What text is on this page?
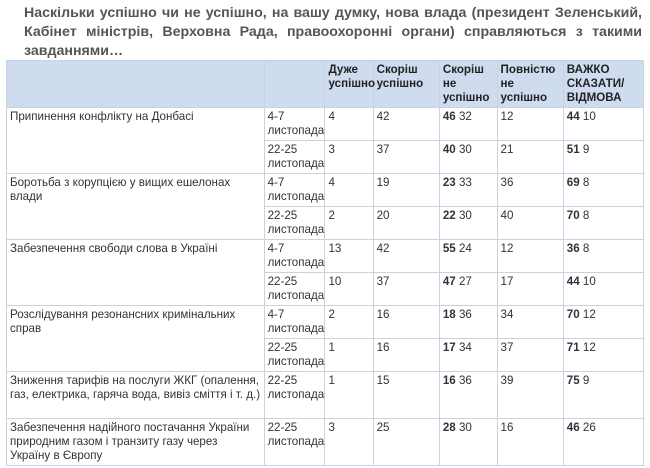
Наскільки успішно чи не успішно, на вашу думку, нова влада (президент Зеленський, Кабінет міністрів, Верховна Рада, правоохоронні органи) справляються з такими завданнями…
		Дуже успішно	Скоріш успішно	Скоріш не успішно	Повністю не успішно	ВАЖКО СКАЗАТИ/ ВІДМОВА
Припинення конфлікту на Донбасі	4-7 листопада	4	42	46 32	12	44 10
	22-25 листопада	3	37	40 30	21	51 9
Боротьба з корупцією у вищих ешелонах влади	4-7 листопада	4	19	23 33	36	69 8
	22-25 листопада	2	20	22 30	40	70 8
Забезпечення свободи слова в Україні	4-7 листопада	13	42	55 24	12	36 8
	22-25 листопада	10	37	47 27	17	44 10
Розслідування резонансних кримінальних справ	4-7 листопада	2	16	18 36	34	70 12
	22-25 листопада	1	16	17 34	37	71 12
Зниження тарифів на послуги ЖКГ (опалення, газ, електрика, гаряча вода, вивіз сміття і т. д.)	22-25 листопада	1	15	16 36	39	75 9
Забезпечення надійного постачання України природним газом і транзиту газу через Україну в Європу	22-25 листопада	3	25	28 30	16	46 26
